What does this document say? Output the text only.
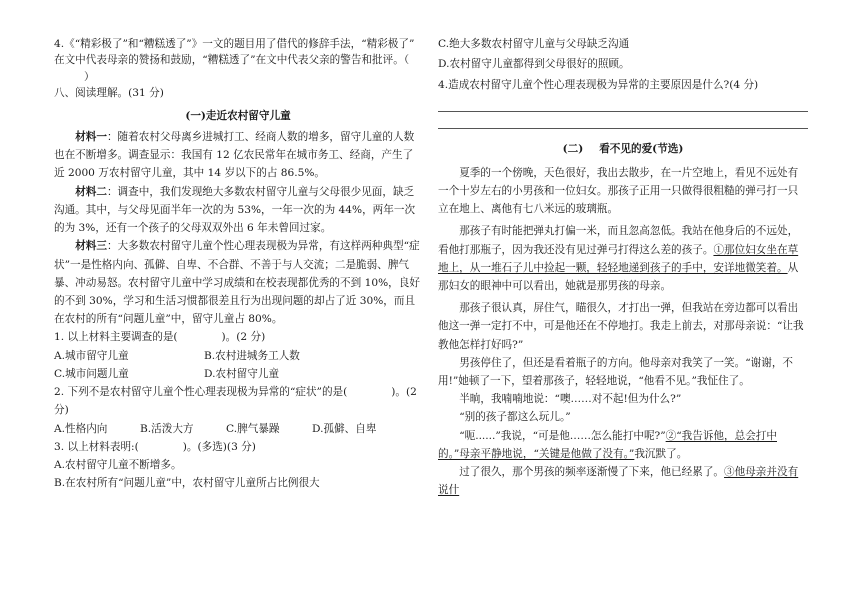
4.《“精彩极了”和“糟糕透了”》一文的题目用了借代的修辞手法，“精彩极了”

在文中代表母亲的赞扬和鼓励，“糟糕透了”在文中代表父亲的警告和批评。（）

八、阅读理解。(31 分)

(一)走近农村留守儿童

材料一：随着农村父母离乡进城打工、经商人数的增多，留守儿童的人数也在不断增多。调查显示：我国有 12 亿农民常年在城市务工、经商，产生了近 2000 万农村留守儿童，其中 14 岁以下的占 86.5%。

材料二：调查中，我们发现绝大多数农村留守儿童与父母很少见面，缺乏沟通。其中，与父母见面半年一次的为 53%，一年一次的为 44%，两年一次的为 3%，还有一个孩子的父母双双外出 6 年未曾回过家。

材料三：大多数农村留守儿童个性心理表现极为异常，有这样两种典型“症状”一是性格内向、孤僻、自卑、不合群、不善于与人交流；二是脆弱、脾气暴、冲动易怒。农村留守儿童中学习成绩和在校表现都优秀的不到 10%，良好的不到 30%，学习和生活习惯都很差且行为出现问题的却占了近 30%，而且在农村的所有“问题儿童”中，留守儿童占 80%。

1. 以上材料主要调查的是(	)。(2 分)

A.城市留守儿童	B.农村进城务工人数
C.城市问题儿童	D.农村留守儿童

2. 下列不是农村留守儿童个性心理表现极为异常的“症状”的是(	)。(2 分)

A.性格内向	B.活泼大方	C.脾气暴躁	D.孤僻、自卑

3. 以上材料表明:(	)。(多选)(3 分)

A.农村留守儿童不断增多。

B.在农村所有“问题儿童”中，农村留守儿童所占比例很大

C.绝大多数农村留守儿童与父母缺乏沟通

D.农村留守儿童都得到父母很好的照顾。

4.造成农村留守儿童个性心理表现极为异常的主要原因是什么?(4 分)

(二) 看不见的爱(节选)

夏季的一个傍晚，天色很好，我出去散步，在一片空地上，看见不远处有一个十岁左右的小男孩和一位妇女。那孩子正用一只做得很粗糙的弹弓打一只立在地上、离他有七八米远的玻璃瓶。

那孩子有时能把弹丸打偏一米，而且忽高忽低。我站在他身后的不远处，看他打那瓶子，因为我还没有见过弹弓打得这么差的孩子。①那位妇女坐在草地上，从一堆石子儿中捡起一颗，轻轻地递到孩子的手中，安详地微笑着。从那妇女的眼神中可以看出，她就是那男孩的母亲。

那孩子很认真，屏住气，瞄很久，才打出一弹，但我站在旁边都可以看出他这一弹一定打不中，可是他还在不停地打。我走上前去，对那母亲说：“让我教他怎样打好吗?”

男孩停住了，但还是看着瓶子的方向。他母亲对我笑了一笑。“谢谢，不用!”她顿了一下，望着那孩子，轻轻地说，“他看不见。”我怔住了。

半晌，我喃喃地说：“噢……对不起!但为什么?”

“别的孩子都这么玩儿。”

“呃......”我说，“可是他……怎么能打中呢?”②“我告诉他，总会打中的。”母亲平静地说，“关键是他做了没有。”我沉默了。

过了很久，那个男孩的频率逐渐慢了下来，他已经累了。③他母亲并没有说什
